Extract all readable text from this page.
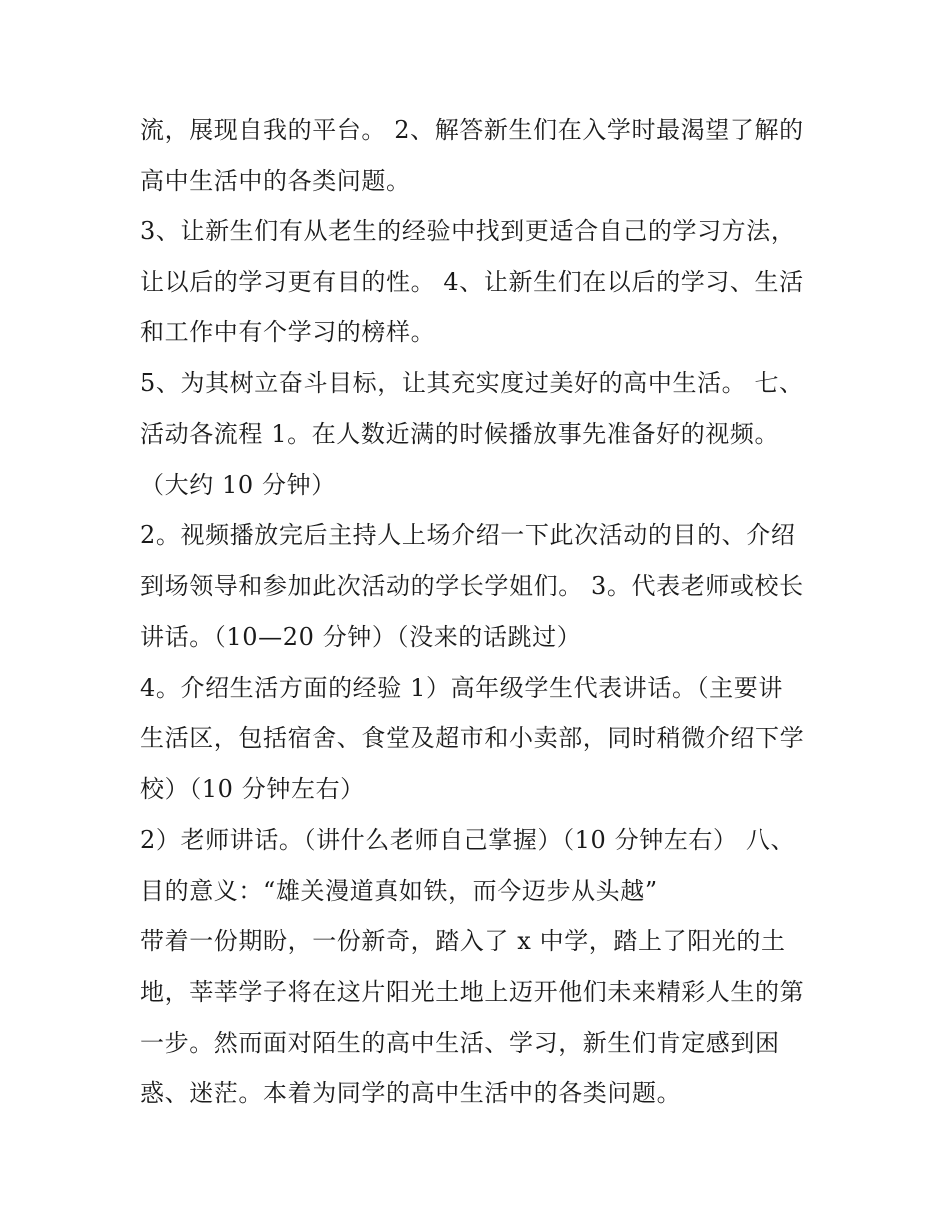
流，展现自我的平台。 2、解答新生们在入学时最渴望了解的
高中生活中的各类问题。
3、让新生们有从老生的经验中找到更适合自己的学习方法，
让以后的学习更有目的性。 4、让新生们在以后的学习、生活
和工作中有个学习的榜样。
5、为其树立奋斗目标，让其充实度过美好的高中生活。 七、
活动各流程 1。在人数近满的时候播放事先准备好的视频。
（大约 10 分钟）
2。视频播放完后主持人上场介绍一下此次活动的目的、介绍
到场领导和参加此次活动的学长学姐们。 3。代表老师或校长
讲话。（10—20 分钟）（没来的话跳过）
4。介绍生活方面的经验 1）高年级学生代表讲话。（主要讲
生活区，包括宿舍、食堂及超市和小卖部，同时稍微介绍下学
校）（10 分钟左右）
2）老师讲话。（讲什么老师自己掌握）（10 分钟左右） 八、
目的意义：“雄关漫道真如铁，而今迈步从头越”
带着一份期盼，一份新奇，踏入了 x 中学，踏上了阳光的土
地，莘莘学子将在这片阳光土地上迈开他们未来精彩人生的第
一步。然而面对陌生的高中生活、学习，新生们肯定感到困
惑、迷茫。本着为同学的高中生活中的各类问题。
